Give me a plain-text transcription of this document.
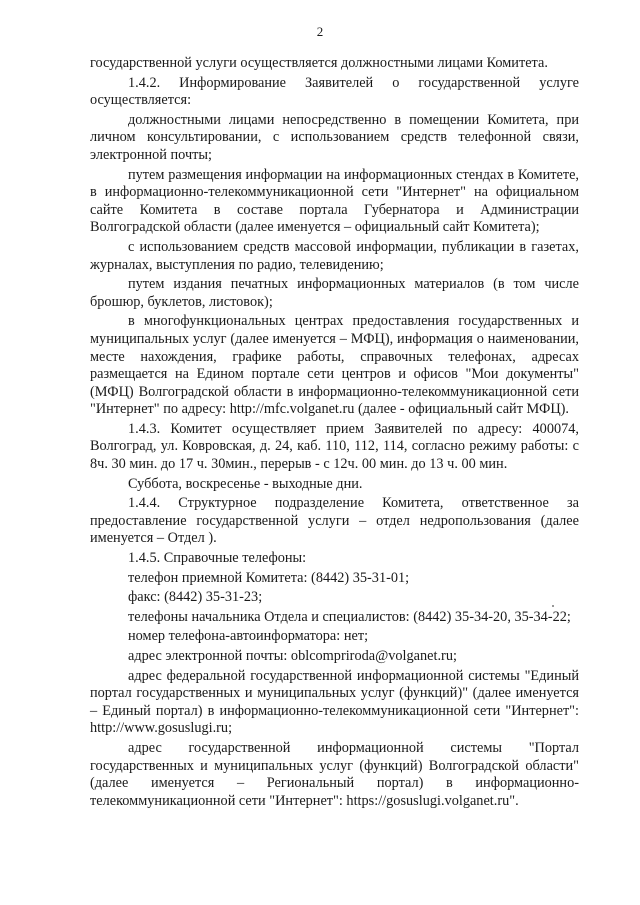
2

государственной услуги осуществляется должностными лицами Комитета.

1.4.2. Информирование Заявителей о государственной услуге осуществляется:

должностными лицами непосредственно в помещении Комитета, при личном консультировании, с использованием средств телефонной связи, электронной почты;

путем размещения информации на информационных стендах в Комитете, в информационно-телекоммуникационной сети "Интернет" на официальном сайте Комитета в составе портала Губернатора и Администрации Волгоградской области (далее именуется – официальный сайт Комитета);

с использованием средств массовой информации, публикации в газетах, журналах, выступления по радио, телевидению;

путем издания печатных информационных материалов (в том числе брошюр, буклетов, листовок);

в многофункциональных центрах предоставления государственных и муниципальных услуг (далее именуется – МФЦ), информация о наименовании, месте нахождения, графике работы, справочных телефонах, адресах размещается на Едином портале сети центров и офисов "Мои документы" (МФЦ) Волгоградской области в информационно-телекоммуникационной сети "Интернет" по адресу: http://mfc.volganet.ru (далее - официальный сайт МФЦ).

1.4.3. Комитет осуществляет прием Заявителей по адресу: 400074, Волгоград, ул. Ковровская, д. 24, каб. 110, 112, 114, согласно режиму работы: с 8ч. 30 мин. до 17 ч. 30мин., перерыв - с 12ч. 00 мин. до 13 ч. 00 мин.

Суббота, воскресенье - выходные дни.

1.4.4. Структурное подразделение Комитета, ответственное за предоставление государственной услуги – отдел недропользования (далее именуется – Отдел ).

1.4.5. Справочные телефоны:

телефон приемной Комитета: (8442) 35-31-01;

факс: (8442) 35-31-23;

телефоны начальника Отдела и специалистов: (8442) 35-34-20, 35-34-22;

номер телефона-автоинформатора: нет;

адрес электронной почты: oblcompriroda@volganet.ru;

адрес федеральной государственной информационной системы "Единый портал государственных и муниципальных услуг (функций)" (далее именуется – Единый портал) в информационно-телекоммуникационной сети "Интернет": http://www.gosuslugi.ru;

адрес государственной информационной системы "Портал государственных и муниципальных услуг (функций) Волгоградской области" (далее именуется – Региональный портал) в информационно-телекоммуникационной сети "Интернет": https://gosuslugi.volganet.ru".
